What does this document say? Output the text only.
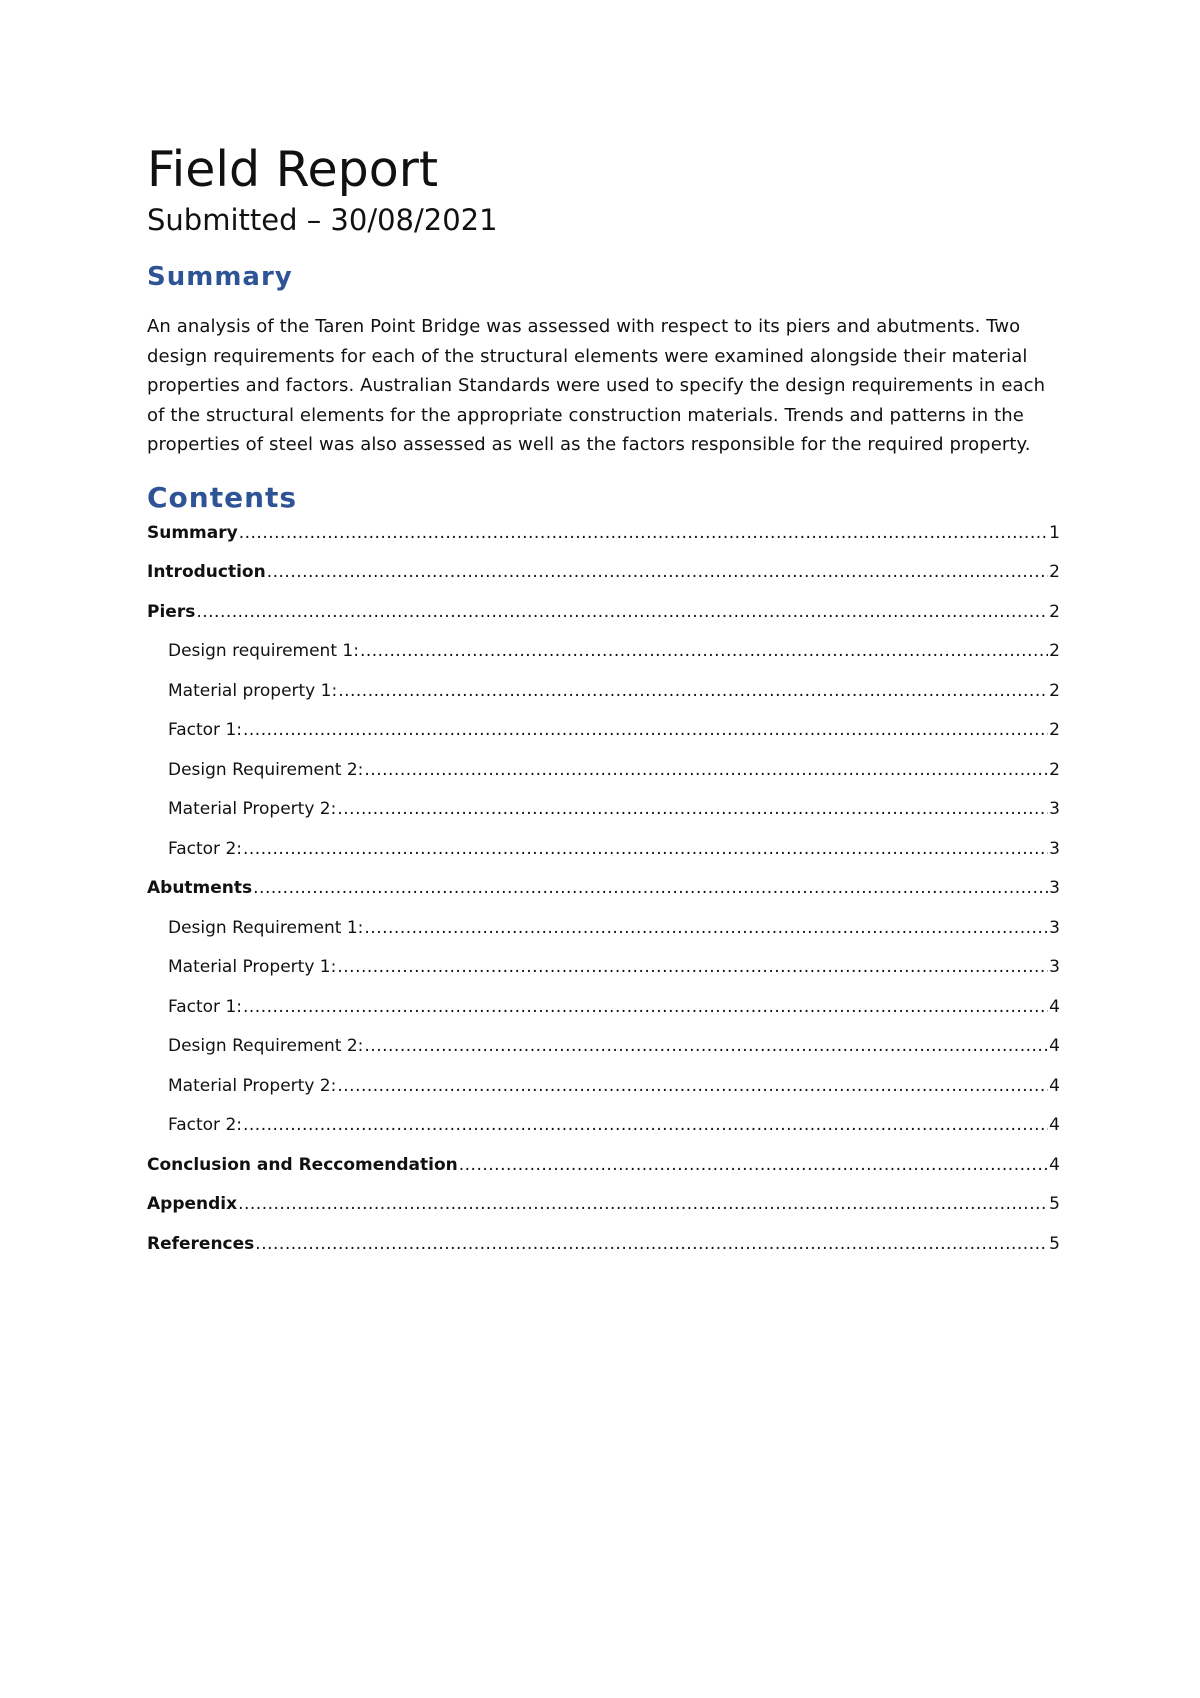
Field Report
Submitted – 30/08/2021
Summary

An analysis of the Taren Point Bridge was assessed with respect to its piers and abutments. Two design requirements for each of the structural elements were examined alongside their material properties and factors. Australian Standards were used to specify the design requirements in each of the structural elements for the appropriate construction materials. Trends and patterns in the properties of steel was also assessed as well as the factors responsible for the required property.

Contents
Summary .....	1
Introduction .....	2
Piers .....	2
Design requirement 1: .....	2
Material property 1: .....	2
Factor 1: .....	2
Design Requirement 2: .....	2
Material Property 2: .....	3
Factor 2: .....	3
Abutments .....	3
Design Requirement 1: .....	3
Material Property 1: .....	3
Factor 1: .....	4
Design Requirement 2: .....	4
Material Property 2: .....	4
Factor 2: .....	4
Conclusion and Reccomendation .....	4
Appendix .....	5
References .....	5
